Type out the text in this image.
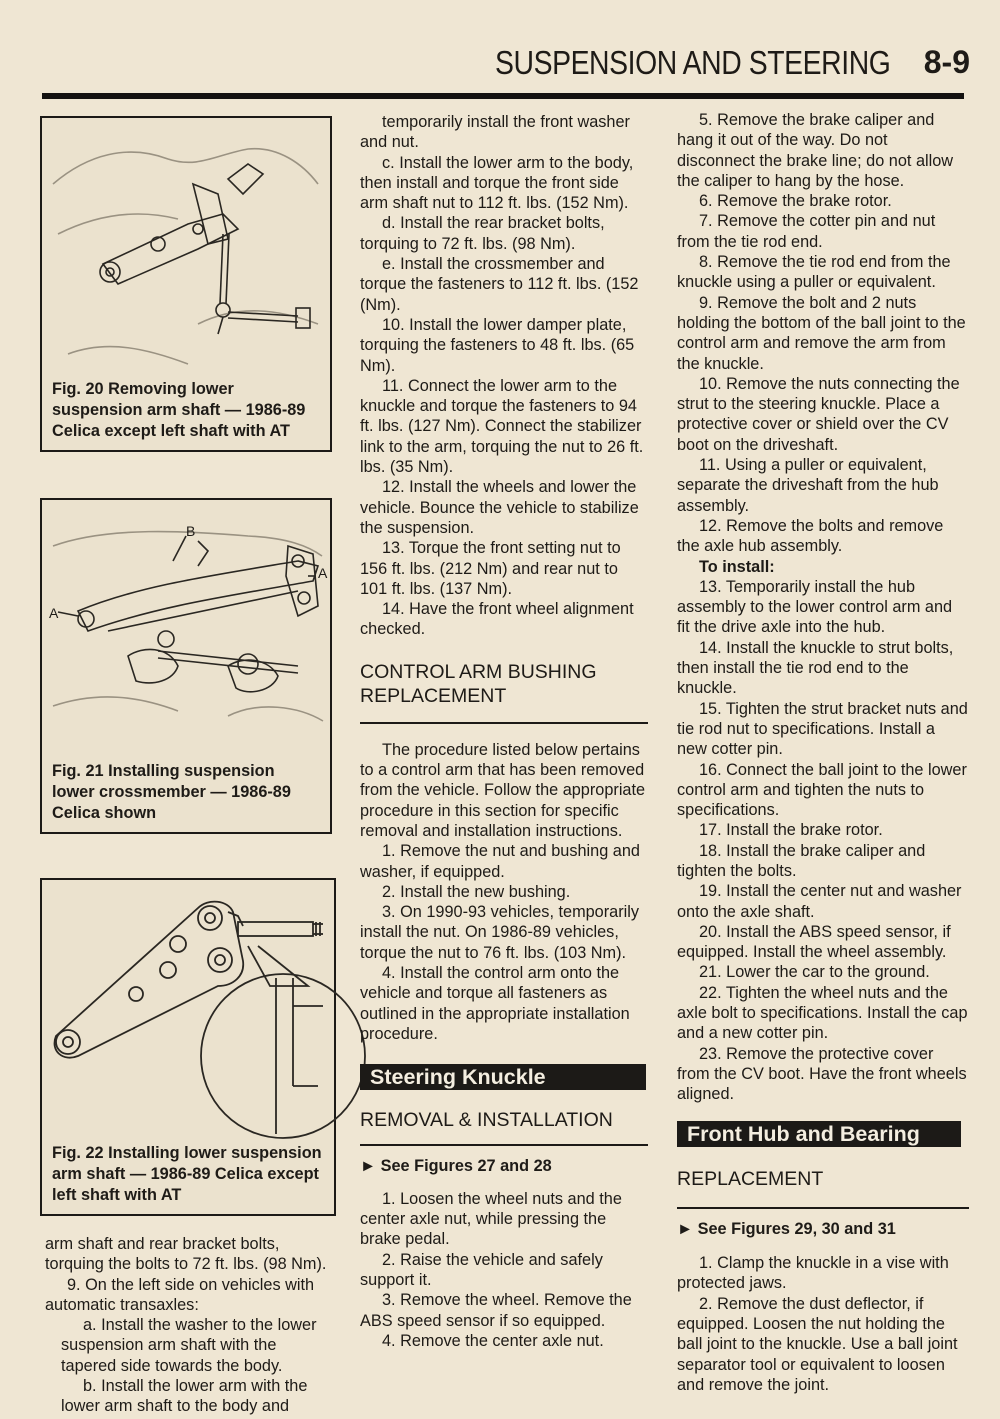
SUSPENSION AND STEERING 8-9
Fig. 20 Removing lower suspension arm shaft — 1986-89 Celica except left shaft with AT
A
A
B
Fig. 21 Installing suspension lower crossmember — 1986-89 Celica shown
Fig. 22 Installing lower suspension arm shaft — 1986-89 Celica except left shaft with AT

arm shaft and rear bracket bolts, torquing the bolts to 72 ft. lbs. (98 Nm).

9. On the left side on vehicles with automatic transaxles:

a. Install the washer to the lower suspension arm shaft with the tapered side towards the body.

b. Install the lower arm with the lower arm shaft to the body and

temporarily install the front washer and nut.

c. Install the lower arm to the body, then install and torque the front side arm shaft nut to 112 ft. lbs. (152 Nm).

d. Install the rear bracket bolts, torquing to 72 ft. lbs. (98 Nm).

e. Install the crossmember and torque the fasteners to 112 ft. lbs. (152 (Nm).

10. Install the lower damper plate, torquing the fasteners to 48 ft. lbs. (65 Nm).

11. Connect the lower arm to the knuckle and torque the fasteners to 94 ft. lbs. (127 Nm). Connect the stabilizer link to the arm, torquing the nut to 26 ft. lbs. (35 Nm).

12. Install the wheels and lower the vehicle. Bounce the vehicle to stabilize the suspension.

13. Torque the front setting nut to 156 ft. lbs. (212 Nm) and rear nut to 101 ft. lbs. (137 Nm).

14. Have the front wheel alignment checked.

CONTROL ARM BUSHING REPLACEMENT

The procedure listed below pertains to a control arm that has been removed from the vehicle. Follow the appropriate procedure in this section for specific removal and installation instructions.

1. Remove the nut and bushing and washer, if equipped.

2. Install the new bushing.

3. On 1990-93 vehicles, temporarily install the nut. On 1986-89 vehicles, torque the nut to 76 ft. lbs. (103 Nm).

4. Install the control arm onto the vehicle and torque all fasteners as outlined in the appropriate installation procedure.

Steering Knuckle
REMOVAL & INSTALLATION

► See Figures 27 and 28

1. Loosen the wheel nuts and the center axle nut, while pressing the brake pedal.

2. Raise the vehicle and safely support it.

3. Remove the wheel. Remove the ABS speed sensor if so equipped.

4. Remove the center axle nut.

5. Remove the brake caliper and hang it out of the way. Do not disconnect the brake line; do not allow the caliper to hang by the hose.

6. Remove the brake rotor.

7. Remove the cotter pin and nut from the tie rod end.

8. Remove the tie rod end from the knuckle using a puller or equivalent.

9. Remove the bolt and 2 nuts holding the bottom of the ball joint to the control arm and remove the arm from the knuckle.

10. Remove the nuts connecting the strut to the steering knuckle. Place a protective cover or shield over the CV boot on the driveshaft.

11. Using a puller or equivalent, separate the driveshaft from the hub assembly.

12. Remove the bolts and remove the axle hub assembly.

To install:

13. Temporarily install the hub assembly to the lower control arm and fit the drive axle into the hub.

14. Install the knuckle to strut bolts, then install the tie rod end to the knuckle.

15. Tighten the strut bracket nuts and tie rod nut to specifications. Install a new cotter pin.

16. Connect the ball joint to the lower control arm and tighten the nuts to specifications.

17. Install the brake rotor.

18. Install the brake caliper and tighten the bolts.

19. Install the center nut and washer onto the axle shaft.

20. Install the ABS speed sensor, if equipped. Install the wheel assembly.

21. Lower the car to the ground.

22. Tighten the wheel nuts and the axle bolt to specifications. Install the cap and a new cotter pin.

23. Remove the protective cover from the CV boot. Have the front wheels aligned.

Front Hub and Bearing
REPLACEMENT

► See Figures 29, 30 and 31

1. Clamp the knuckle in a vise with protected jaws.

2. Remove the dust deflector, if equipped. Loosen the nut holding the ball joint to the knuckle. Use a ball joint separator tool or equivalent to loosen and remove the joint.
